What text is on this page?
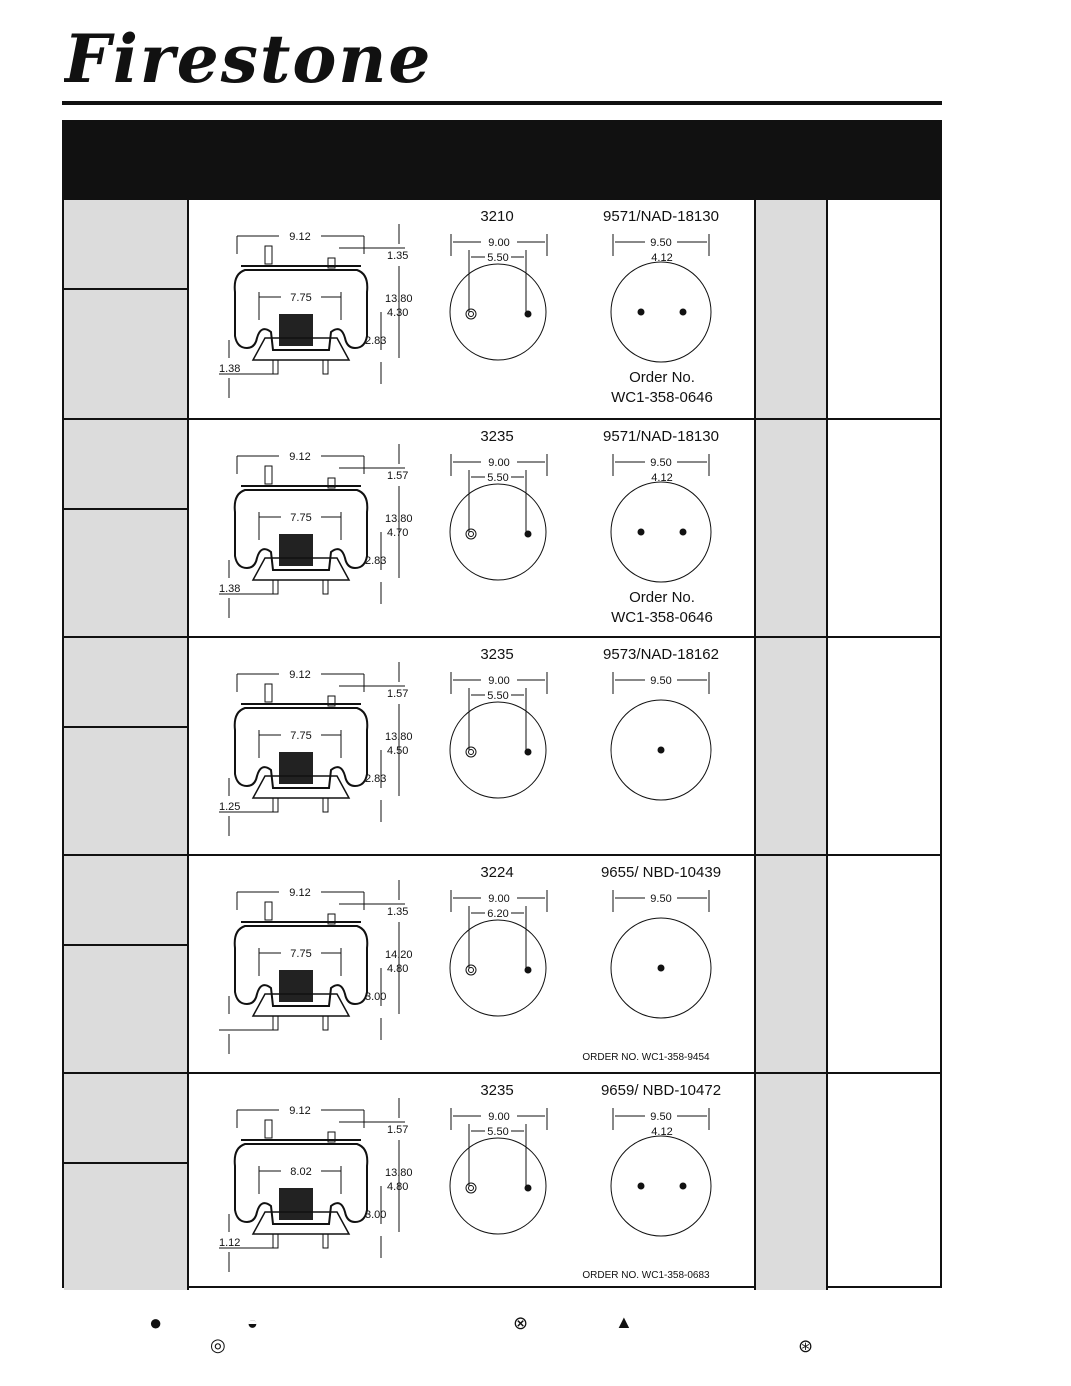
Firestone
9.12
7.75
1.35
13.80
4.30
2.83
1.38
3210
9.00
5.50
9571/NAD-18130
9.50
4.12
Order No.
WC1-358-0646
9.12
7.75
1.57
13.80
4.70
2.83
1.38
3235
9.00
5.50
9571/NAD-18130
9.50
4.12
Order No.
WC1-358-0646
9.12
7.75
1.57
13.80
4.50
2.83
1.25
3235
9.00
5.50
9573/NAD-18162
9.50
9.12
7.75
1.35
14.20
4.80
3.00
3224
9.00
6.20
9655/ NBD-10439
9.50
ORDER NO. WC1-358-9454
9.12
8.02
1.57
13.80
4.80
3.00
1.12
3235
9.00
5.50
9659/ NBD-10472
9.50
4.12
ORDER NO. WC1-358-0683
●	◒	⊗	▲
◎	⊛
